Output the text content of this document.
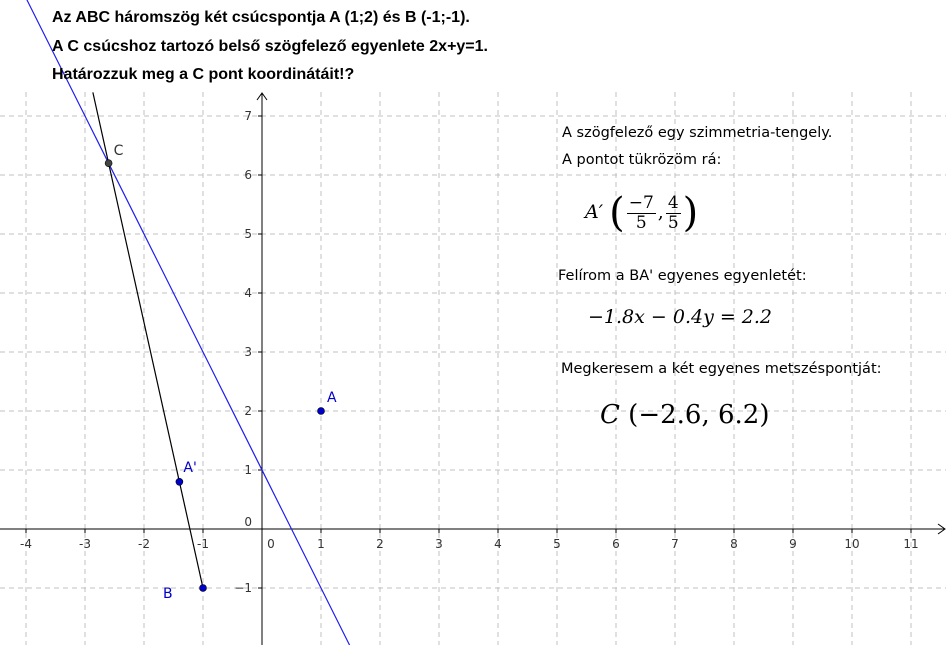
-4	-3	-2	-1	0	1	2	3	4	5	6	7	8	9	10	11
−1
0
1
2
3
4
5
6
7
A
A'
B
C
Az ABC háromszög két csúcspontja A (1;2) és B (-1;-1).
A C csúcshoz tartozó belső szögfelező egyenlete 2x+y=1.
Határozzuk meg a C pont koordinátáit!?
A szögfelező egy szimmetria-tengely.
A pontot tükrözöm rá:
A′ ( $\frac{-7}{5}$ , $\frac{4}{5}$ )
Felírom a BA' egyenes egyenletét:
−1.8x − 0.4y = 2.2
Megkeresem a két egyenes metszéspontját:
C (−2.6, 6.2)
